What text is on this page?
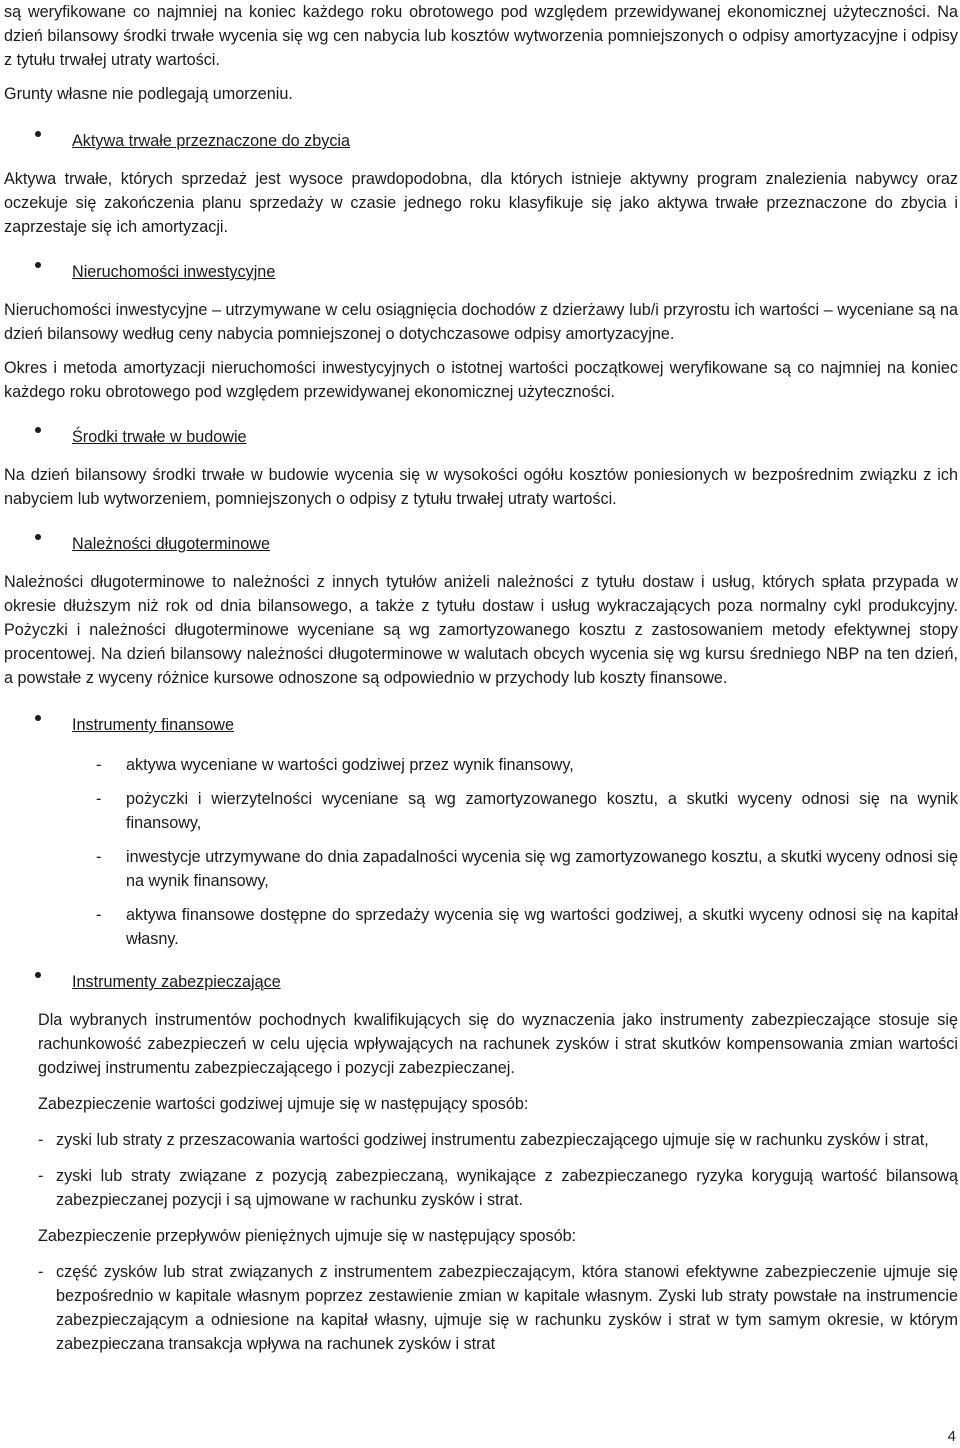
są weryfikowane co najmniej na koniec każdego roku obrotowego pod względem przewidywanej ekonomicznej użyteczności. Na dzień bilansowy środki trwałe wycenia się wg cen nabycia lub kosztów wytworzenia pomniejszonych o odpisy amortyzacyjne i odpisy z tytułu trwałej utraty wartości.

Grunty własne nie podlegają umorzeniu.

Aktywa trwałe przeznaczone do zbycia

Aktywa trwałe, których sprzedaż jest wysoce prawdopodobna, dla których istnieje aktywny program znalezienia nabywcy oraz oczekuje się zakończenia planu sprzedaży w czasie jednego roku klasyfikuje się jako aktywa trwałe przeznaczone do zbycia i zaprzestaje się ich amortyzacji.

Nieruchomości inwestycyjne

Nieruchomości inwestycyjne – utrzymywane w celu osiągnięcia dochodów z dzierżawy lub/i przyrostu ich wartości – wyceniane są na dzień bilansowy według ceny nabycia pomniejszonej o dotychczasowe odpisy amortyzacyjne.

Okres i metoda amortyzacji nieruchomości inwestycyjnych o istotnej wartości początkowej weryfikowane są co najmniej na koniec każdego roku obrotowego pod względem przewidywanej ekonomicznej użyteczności.

Środki trwałe w budowie

Na dzień bilansowy środki trwałe w budowie wycenia się w wysokości ogółu kosztów poniesionych w bezpośrednim związku z ich nabyciem lub wytworzeniem, pomniejszonych o odpisy z tytułu trwałej utraty wartości.

Należności długoterminowe

Należności długoterminowe to należności z innych tytułów aniżeli należności z tytułu dostaw i usług, których spłata przypada w okresie dłuższym niż rok od dnia bilansowego, a także z tytułu dostaw i usług wykraczających poza normalny cykl produkcyjny. Pożyczki i należności długoterminowe wyceniane są wg zamortyzowanego kosztu z zastosowaniem metody efektywnej stopy procentowej. Na dzień bilansowy należności długoterminowe w walutach obcych wycenia się wg kursu średniego NBP na ten dzień, a powstałe z wyceny różnice kursowe odnoszone są odpowiednio w przychody lub koszty finansowe.

Instrumenty finansowe
-	aktywa wyceniane w wartości godziwej przez wynik finansowy,
-	pożyczki i wierzytelności wyceniane są wg zamortyzowanego kosztu, a skutki wyceny odnosi się na wynik finansowy,
-	inwestycje utrzymywane do dnia zapadalności wycenia się wg zamortyzowanego kosztu, a skutki wyceny odnosi się na wynik finansowy,
-	aktywa finansowe dostępne do sprzedaży wycenia się wg wartości godziwej, a skutki wyceny odnosi się na kapitał własny.
Instrumenty zabezpieczające

Dla wybranych instrumentów pochodnych kwalifikujących się do wyznaczenia jako instrumenty zabezpieczające stosuje się rachunkowość zabezpieczeń w celu ujęcia wpływających na rachunek zysków i strat skutków kompensowania zmian wartości godziwej instrumentu zabezpieczającego i pozycji zabezpieczanej.

Zabezpieczenie wartości godziwej ujmuje się w następujący sposób:

- zyski lub straty z przeszacowania wartości godziwej instrumentu zabezpieczającego ujmuje się w rachunku zysków i strat,
- zyski lub straty związane z pozycją zabezpieczaną, wynikające z zabezpieczanego ryzyka korygują wartość bilansową zabezpieczanej pozycji i są ujmowane w rachunku zysków i strat.

Zabezpieczenie przepływów pieniężnych ujmuje się w następujący sposób:

- część zysków lub strat związanych z instrumentem zabezpieczającym, która stanowi efektywne zabezpieczenie ujmuje się bezpośrednio w kapitale własnym poprzez zestawienie zmian w kapitale własnym. Zyski lub straty powstałe na instrumencie zabezpieczającym a odniesione na kapitał własny, ujmuje się w rachunku zysków i strat w tym samym okresie, w którym zabezpieczana transakcja wpływa na rachunek zysków i strat
4
